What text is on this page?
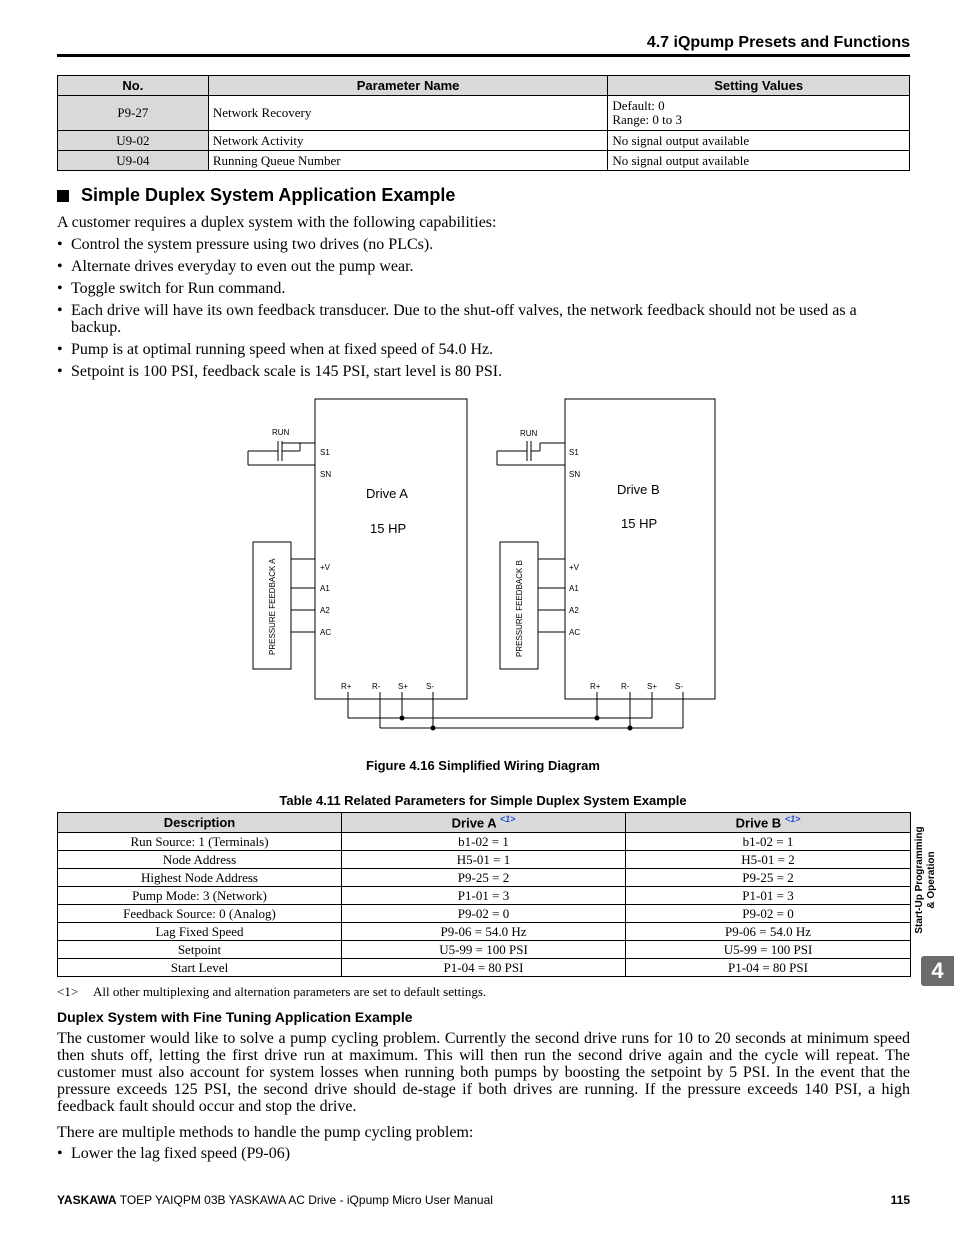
4.7 iQpump Presets and Functions
No.	Parameter Name	Setting Values
P9-27	Network Recovery	Default: 0
Range: 0 to 3

U9-02	Network Activity	No signal output available
U9-04	Running Queue Number	No signal output available
Simple Duplex System Application Example
A customer requires a duplex system with the following capabilities:
• Control the system pressure using two drives (no PLCs).
• Alternate drives everyday to even out the pump wear.
• Toggle switch for Run command.
• Each drive will have its own feedback transducer. Due to the shut-off valves, the network feedback should not be used as a backup.
• Pump is at optimal running speed when at fixed speed of 54.0 Hz.
• Setpoint is 100 PSI, feedback scale is 145 PSI, start level is 80 PSI.
RUN	RUN
S1
SN
S1
SN
+V
A1
A2
AC
+V
A1
A2
AC
R+	R- S+ S-	R+	R- S+ S-
PRESSURE FEEDBACK A	PRESSURE FEEDBACK B
Drive A
15 HP
Drive B
15 HP
Figure 4.16 Simplified Wiring Diagram
Table 4.11 Related Parameters for Simple Duplex System Example
Description	Drive A $^{<1>}$	Drive B $^{<1>}$
Run Source: 1 (Terminals)	b1-02 = 1	b1-02 = 1
Node Address	H5-01 = 1	H5-01 = 2
Highest Node Address	P9-25 = 2	P9-25 = 2
Pump Mode: 3 (Network)	P1-01 = 3	P1-01 = 3
Feedback Source: 0 (Analog)	P9-02 = 0	P9-02 = 0
Lag Fixed Speed	P9-06 = 54.0 Hz	P9-06 = 54.0 Hz
Setpoint	U5-99 = 100 PSI	U5-99 = 100 PSI
Start Level	P1-04 = 80 PSI	P1-04 = 80 PSI
<1> All other multiplexing and alternation parameters are set to default settings.
Duplex System with Fine Tuning Application Example
The customer would like to solve a pump cycling problem. Currently the second drive runs for 10 to 20 seconds at minimum speed then shuts off, letting the first drive run at maximum. This will then run the second drive again and the cycle will repeat. The customer must also account for system losses when running both pumps by boosting the setpoint by 5 PSI. In the event that the pressure exceeds 125 PSI, the second drive should de-stage if both drives are running. If the pressure exceeds 140 PSI, a high feedback fault should occur and stop the drive.
There are multiple methods to handle the pump cycling problem:
• Lower the lag fixed speed (P9-06)
Start-Up Programming
& Operation
4
YASKAWA TOEP YAIQPM 03B YASKAWA AC Drive - iQpump Micro User Manual	115
